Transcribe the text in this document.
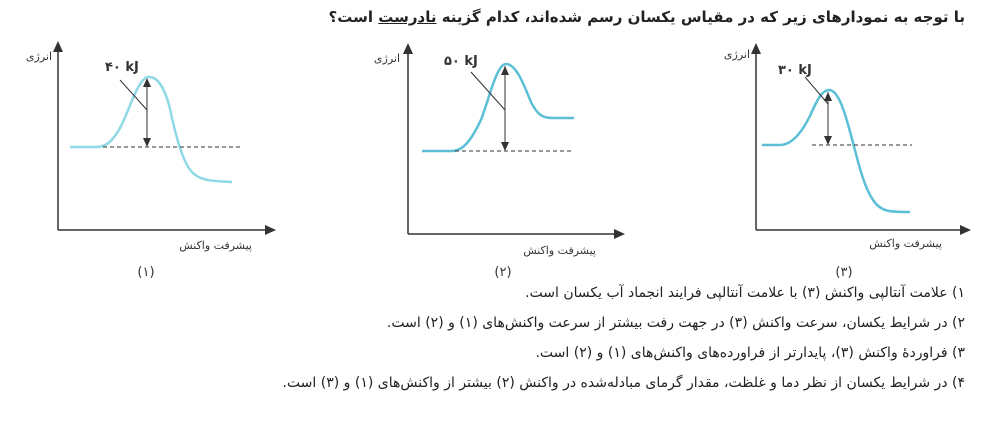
با توجه به نمودارهای زیر که در مقیاس یکسان رسم شده‌اند، کدام گزینه نادرست است؟
انرژی
پیشرفت واکنش
۴۰ kJ
(۱)
انرژی
پیشرفت واکنش
۵۰ kJ
(۲)
انرژی
پیشرفت واکنش
۳۰ kJ
(۳)
۱) علامت آنتالپی واکنش (۳) با علامت آنتالپی فرایند انجماد آب یکسان است.
۲) در شرایط یکسان، سرعت واکنش (۳) در جهت رفت بیشتر از سرعت واکنش‌های (۱) و (۲) است.
۳) فراوردهٔ واکنش (۳)، پایدارتر از فراورده‌های واکنش‌های (۱) و (۲) است.
۴) در شرایط یکسان از نظر دما و غلظت، مقدار گرمای مبادله‌شده در واکنش (۲) بیشتر از واکنش‌های (۱) و (۳) است.
